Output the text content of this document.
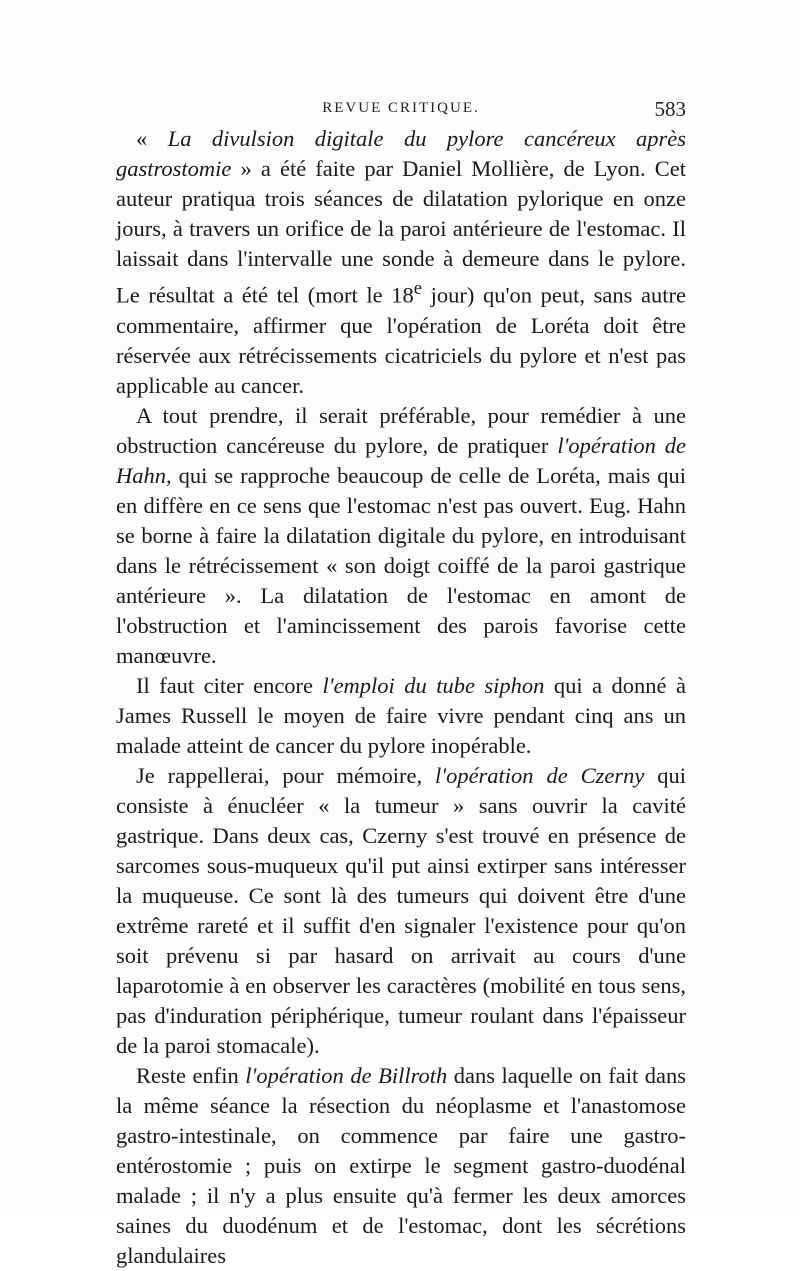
REVUE CRITIQUE.	583

« La divulsion digitale du pylore cancéreux après gastrostomie » a été faite par Daniel Mollière, de Lyon. Cet auteur pratiqua trois séances de dilatation pylorique en onze jours, à travers un orifice de la paroi antérieure de l'estomac. Il laissait dans l'intervalle une sonde à demeure dans le pylore. Le résultat a été tel (mort le 18e jour) qu'on peut, sans autre commentaire, affirmer que l'opération de Loréta doit être réservée aux rétrécissements cicatriciels du pylore et n'est pas applicable au cancer.

A tout prendre, il serait préférable, pour remédier à une obstruction cancéreuse du pylore, de pratiquer l'opération de Hahn, qui se rapproche beaucoup de celle de Loréta, mais qui en diffère en ce sens que l'estomac n'est pas ouvert. Eug. Hahn se borne à faire la dilatation digitale du pylore, en introduisant dans le rétrécissement « son doigt coiffé de la paroi gastrique antérieure ». La dilatation de l'estomac en amont de l'obstruction et l'amincissement des parois favorise cette manœuvre.

Il faut citer encore l'emploi du tube siphon qui a donné à James Russell le moyen de faire vivre pendant cinq ans un malade atteint de cancer du pylore inopérable.

Je rappellerai, pour mémoire, l'opération de Czerny qui consiste à énucléer « la tumeur » sans ouvrir la cavité gastrique. Dans deux cas, Czerny s'est trouvé en présence de sarcomes sous-muqueux qu'il put ainsi extirper sans intéresser la muqueuse. Ce sont là des tumeurs qui doivent être d'une extrême rareté et il suffit d'en signaler l'existence pour qu'on soit prévenu si par hasard on arrivait au cours d'une laparotomie à en observer les caractères (mobilité en tous sens, pas d'induration périphérique, tumeur roulant dans l'épaisseur de la paroi stomacale).

Reste enfin l'opération de Billroth dans laquelle on fait dans la même séance la résection du néoplasme et l'anastomose gastro-intestinale, on commence par faire une gastro-entérostomie ; puis on extirpe le segment gastro-duodénal malade ; il n'y a plus ensuite qu'à fermer les deux amorces saines du duodénum et de l'estomac, dont les sécrétions glandulaires
